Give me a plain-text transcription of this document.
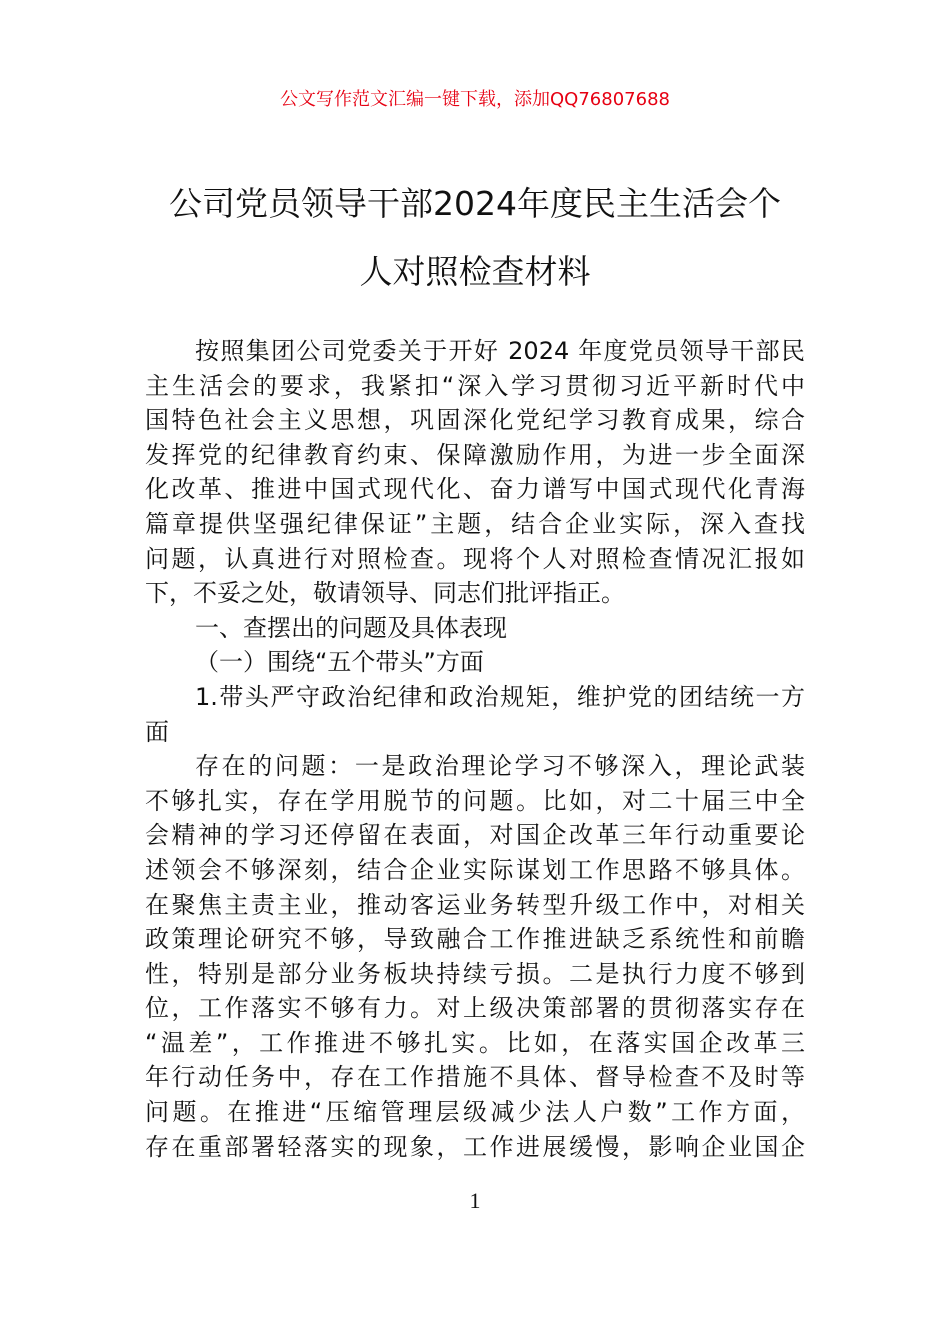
公文写作范文汇编一键下载，添加QQ76807688
公司党员领导干部2024年度民主生活会个
人对照检查材料
按照集团公司党委关于开好 2024 年度党员领导干部民
主生活会的要求，我紧扣“深入学习贯彻习近平新时代中
国特色社会主义思想，巩固深化党纪学习教育成果，综合
发挥党的纪律教育约束、保障激励作用，为进一步全面深
化改革、推进中国式现代化、奋力谱写中国式现代化青海
篇章提供坚强纪律保证”主题，结合企业实际，深入查找
问题，认真进行对照检查。现将个人对照检查情况汇报如
下，不妥之处，敬请领导、同志们批评指正。
一、查摆出的问题及具体表现
（一）围绕“五个带头”方面
1.带头严守政治纪律和政治规矩，维护党的团结统一方
面
存在的问题：一是政治理论学习不够深入，理论武装
不够扎实，存在学用脱节的问题。比如，对二十届三中全
会精神的学习还停留在表面，对国企改革三年行动重要论
述领会不够深刻，结合企业实际谋划工作思路不够具体。
在聚焦主责主业，推动客运业务转型升级工作中，对相关
政策理论研究不够，导致融合工作推进缺乏系统性和前瞻
性，特别是部分业务板块持续亏损。二是执行力度不够到
位，工作落实不够有力。对上级决策部署的贯彻落实存在
“温差”，工作推进不够扎实。比如，在落实国企改革三
年行动任务中，存在工作措施不具体、督导检查不及时等
问题。在推进“压缩管理层级减少法人户数”工作方面，
存在重部署轻落实的现象，工作进展缓慢，影响企业国企
1
